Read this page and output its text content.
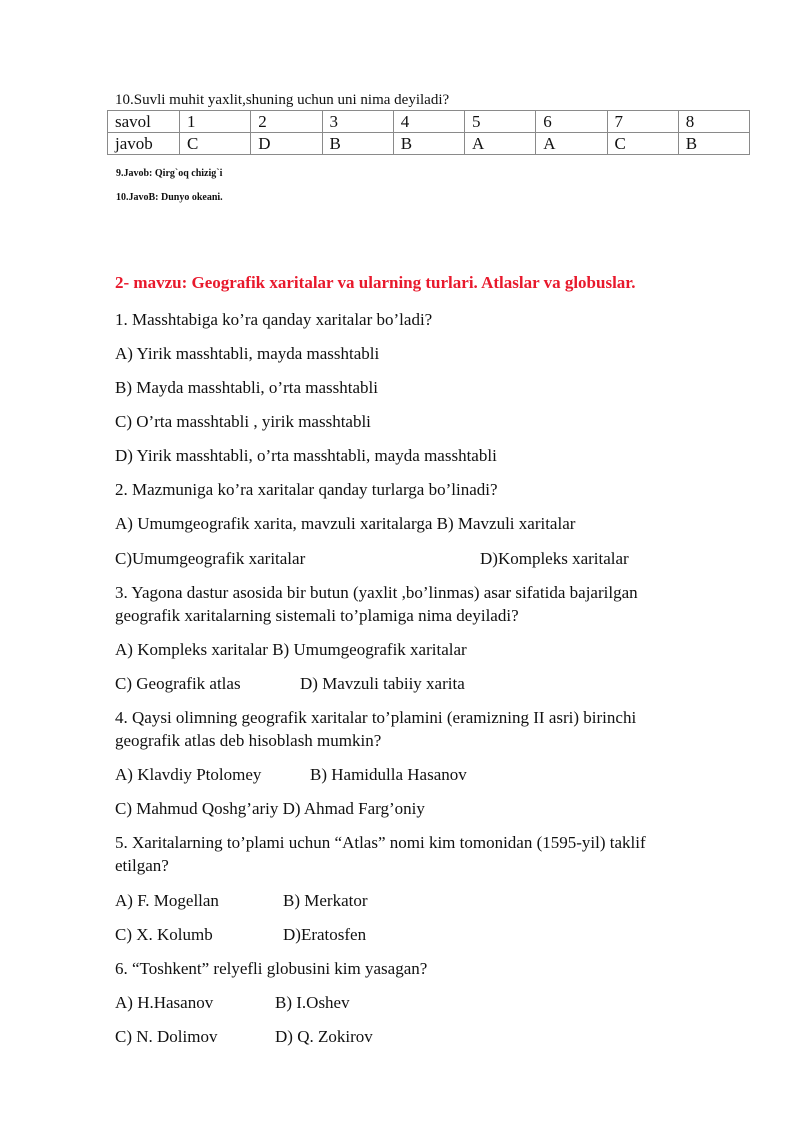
10.Suvli muhit yaxlit,shuning uchun uni nima deyiladi?
savol	1	2	3	4	5	6	7	8
javob	C	D	B	B	A	A	C	B
9.Javob: Qirg`oq chizig`i
10.JavoB: Dunyo okeani.
2- mavzu: Geografik xaritalar va ularning turlari. Atlaslar va globuslar.
1. Masshtabiga ko’ra qanday xaritalar bo’ladi?
A) Yirik masshtabli, mayda masshtabli
B) Mayda masshtabli, o’rta masshtabli
C) O’rta masshtabli , yirik masshtabli
D) Yirik masshtabli, o’rta masshtabli, mayda masshtabli
2. Mazmuniga ko’ra xaritalar qanday turlarga bo’linadi?
A) Umumgeografik xarita, mavzuli xaritalarga B) Mavzuli xaritalar
C)Umumgeografik xaritalar	D)Kompleks xaritalar
3. Yagona dastur asosida bir butun (yaxlit ,bo’linmas) asar sifatida bajarilgan
geografik xaritalarning sistemali to’plamiga nima deyiladi?
A) Kompleks xaritalar B) Umumgeografik xaritalar
C) Geografik atlas	D) Mavzuli tabiiy xarita
4. Qaysi olimning geografik xaritalar to’plamini (eramizning II asri) birinchi
geografik atlas deb hisoblash mumkin?
A) Klavdiy Ptolomey	B) Hamidulla Hasanov
C) Mahmud Qoshg’ariy D) Ahmad Farg’oniy
5. Xaritalarning to’plami uchun “Atlas” nomi kim tomonidan (1595-yil) taklif
etilgan?
A) F. Mogellan	B) Merkator
C) X. Kolumb	D)Eratosfen
6. “Toshkent” relyefli globusini kim yasagan?
A) H.Hasanov	B) I.Oshev
C) N. Dolimov	D) Q. Zokirov
